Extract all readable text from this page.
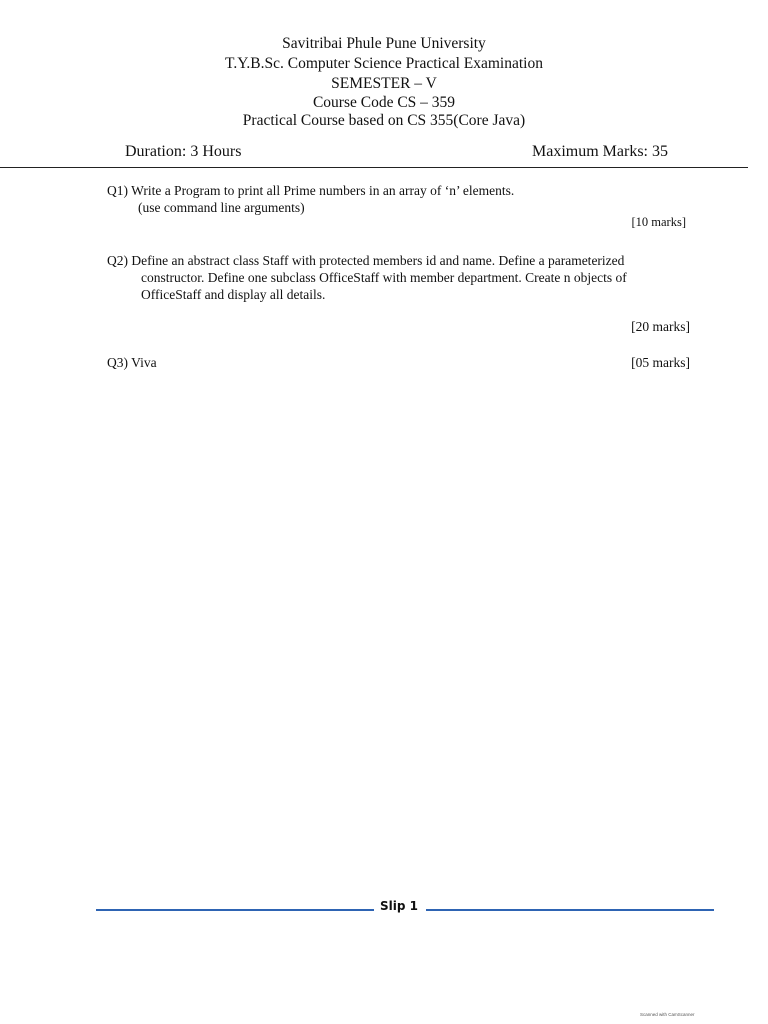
Savitribai Phule Pune University
T.Y.B.Sc. Computer Science Practical Examination
SEMESTER – V
Course Code CS – 359
Practical Course based on CS 355(Core Java)
Duration: 3 Hours	Maximum Marks: 35
Q1) Write a Program to print all Prime numbers in an array of ‘n’ elements.
(use command line arguments)
[10 marks]
Q2) Define an abstract class Staff with protected members id and name. Define a parameterized
constructor. Define one subclass OfficeStaff with member department. Create n objects of
OfficeStaff and display all details.
[20 marks]
Q3) Viva	[05 marks]
Slip 1
Scanned with CamScanner
